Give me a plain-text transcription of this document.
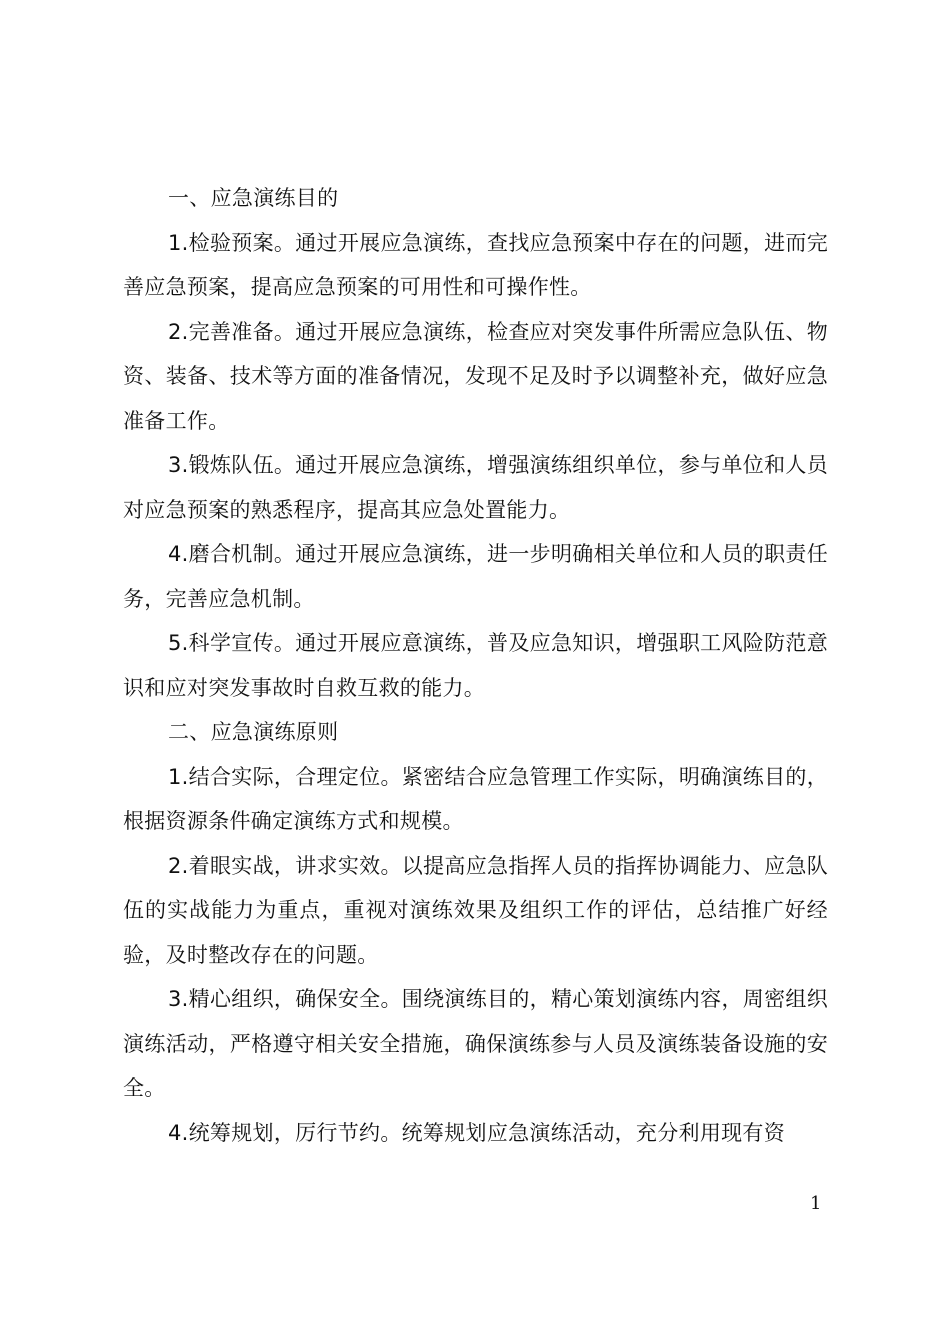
一、应急演练目的

1.检验预案。通过开展应急演练，查找应急预案中存在的问题，进而完善应急预案，提高应急预案的可用性和可操作性。

2.完善准备。通过开展应急演练，检查应对突发事件所需应急队伍、物资、装备、技术等方面的准备情况，发现不足及时予以调整补充，做好应急准备工作。

3.锻炼队伍。通过开展应急演练，增强演练组织单位，参与单位和人员对应急预案的熟悉程序，提高其应急处置能力。

4.磨合机制。通过开展应急演练，进一步明确相关单位和人员的职责任务，完善应急机制。

5.科学宣传。通过开展应意演练，普及应急知识，增强职工风险防范意识和应对突发事故时自救互救的能力。

二、应急演练原则

1.结合实际，合理定位。紧密结合应急管理工作实际，明确演练目的，根据资源条件确定演练方式和规模。

2.着眼实战，讲求实效。以提高应急指挥人员的指挥协调能力、应急队伍的实战能力为重点，重视对演练效果及组织工作的评估，总结推广好经验，及时整改存在的问题。

3.精心组织，确保安全。围绕演练目的，精心策划演练内容，周密组织演练活动，严格遵守相关安全措施，确保演练参与人员及演练装备设施的安全。

4.统筹规划，厉行节约。统筹规划应急演练活动，充分利用现有资

1
